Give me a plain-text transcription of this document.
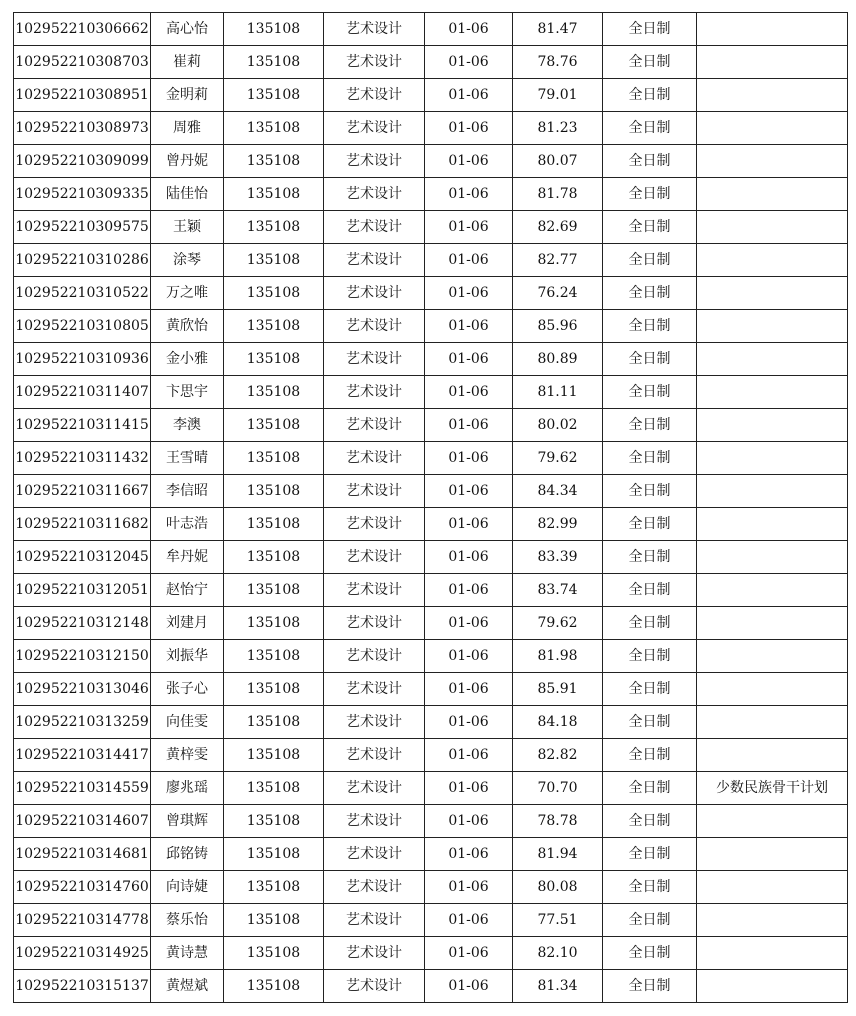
102952210306662	高心怡	135108	艺术设计	01-06	81.47	全日制	
102952210308703	崔莉	135108	艺术设计	01-06	78.76	全日制	
102952210308951	金明莉	135108	艺术设计	01-06	79.01	全日制	
102952210308973	周雅	135108	艺术设计	01-06	81.23	全日制	
102952210309099	曾丹妮	135108	艺术设计	01-06	80.07	全日制	
102952210309335	陆佳怡	135108	艺术设计	01-06	81.78	全日制	
102952210309575	王颖	135108	艺术设计	01-06	82.69	全日制	
102952210310286	涂琴	135108	艺术设计	01-06	82.77	全日制	
102952210310522	万之唯	135108	艺术设计	01-06	76.24	全日制	
102952210310805	黄欣怡	135108	艺术设计	01-06	85.96	全日制	
102952210310936	金小雅	135108	艺术设计	01-06	80.89	全日制	
102952210311407	卞思宇	135108	艺术设计	01-06	81.11	全日制	
102952210311415	李澳	135108	艺术设计	01-06	80.02	全日制	
102952210311432	王雪晴	135108	艺术设计	01-06	79.62	全日制	
102952210311667	李信昭	135108	艺术设计	01-06	84.34	全日制	
102952210311682	叶志浩	135108	艺术设计	01-06	82.99	全日制	
102952210312045	牟丹妮	135108	艺术设计	01-06	83.39	全日制	
102952210312051	赵怡宁	135108	艺术设计	01-06	83.74	全日制	
102952210312148	刘建月	135108	艺术设计	01-06	79.62	全日制	
102952210312150	刘振华	135108	艺术设计	01-06	81.98	全日制	
102952210313046	张子心	135108	艺术设计	01-06	85.91	全日制	
102952210313259	向佳雯	135108	艺术设计	01-06	84.18	全日制	
102952210314417	黄梓雯	135108	艺术设计	01-06	82.82	全日制	
102952210314559	廖兆瑶	135108	艺术设计	01-06	70.70	全日制	少数民族骨干计划
102952210314607	曾琪辉	135108	艺术设计	01-06	78.78	全日制	
102952210314681	邱铭铸	135108	艺术设计	01-06	81.94	全日制	
102952210314760	向诗婕	135108	艺术设计	01-06	80.08	全日制	
102952210314778	蔡乐怡	135108	艺术设计	01-06	77.51	全日制	
102952210314925	黄诗慧	135108	艺术设计	01-06	82.10	全日制	
102952210315137	黄煜斌	135108	艺术设计	01-06	81.34	全日制	
